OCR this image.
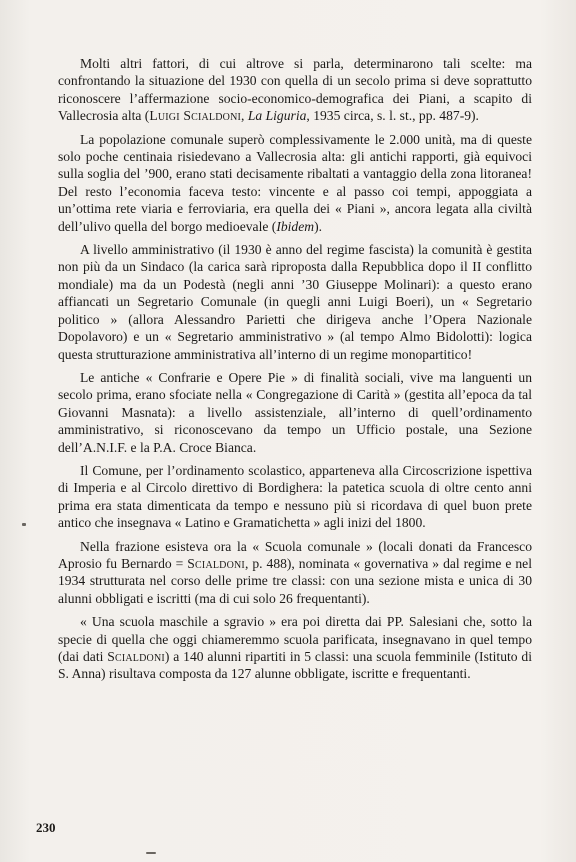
Molti altri fattori, di cui altrove si parla, determinarono tali scelte: ma confrontando la situazione del 1930 con quella di un secolo prima si deve soprattutto riconoscere l’affermazione socio-economico-demografica dei Piani, a scapito di Vallecrosia alta (Luigi Scialdoni, La Liguria, 1935 circa, s. l. st., pp. 487-9).

La popolazione comunale superò complessivamente le 2.000 unità, ma di queste solo poche centinaia risiedevano a Vallecrosia alta: gli antichi rapporti, già equivoci sulla soglia del ’900, erano stati decisamente ribaltati a vantaggio della zona litoranea! Del resto l’economia faceva testo: vincente e al passo coi tempi, appoggiata a un’ottima rete viaria e ferroviaria, era quella dei « Piani », ancora legata alla civiltà dell’ulivo quella del borgo medioevale (Ibidem).

A livello amministrativo (il 1930 è anno del regime fascista) la comunità è gestita non più da un Sindaco (la carica sarà riproposta dalla Repubblica dopo il II conflitto mondiale) ma da un Podestà (negli anni ’30 Giuseppe Molinari): a questo erano affiancati un Segretario Comunale (in quegli anni Luigi Boeri), un « Segretario politico » (allora Alessandro Parietti che dirigeva anche l’Opera Nazionale Dopolavoro) e un « Segretario amministrativo » (al tempo Almo Bidolotti): logica questa strutturazione amministrativa all’interno di un regime monopartitico!

Le antiche « Confrarie e Opere Pie » di finalità sociali, vive ma languenti un secolo prima, erano sfociate nella « Congregazione di Carità » (gestita all’epoca da tal Giovanni Masnata): a livello assistenziale, all’interno di quell’ordinamento amministrativo, si riconoscevano da tempo un Ufficio postale, una Sezione dell’A.N.I.F. e la P.A. Croce Bianca.

Il Comune, per l’ordinamento scolastico, apparteneva alla Circoscrizione ispettiva di Imperia e al Circolo direttivo di Bordighera: la patetica scuola di oltre cento anni prima era stata dimenticata da tempo e nessuno più si ricordava di quel buon prete antico che insegnava « Latino e Gramatichetta » agli inizi del 1800.

Nella frazione esisteva ora la « Scuola comunale » (locali donati da Francesco Aprosio fu Bernardo = Scialdoni, p. 488), nominata « governativa » dal regime e nel 1934 strutturata nel corso delle prime tre classi: con una sezione mista e unica di 30 alunni obbligati e iscritti (ma di cui solo 26 frequentanti).

« Una scuola maschile a sgravio » era poi diretta dai PP. Salesiani che, sotto la specie di quella che oggi chiameremmo scuola parificata, insegnavano in quel tempo (dai dati Scialdoni) a 140 alunni ripartiti in 5 classi: una scuola femminile (Istituto di S. Anna) risultava composta da 127 alunne obbligate, iscritte e frequentanti.

230
